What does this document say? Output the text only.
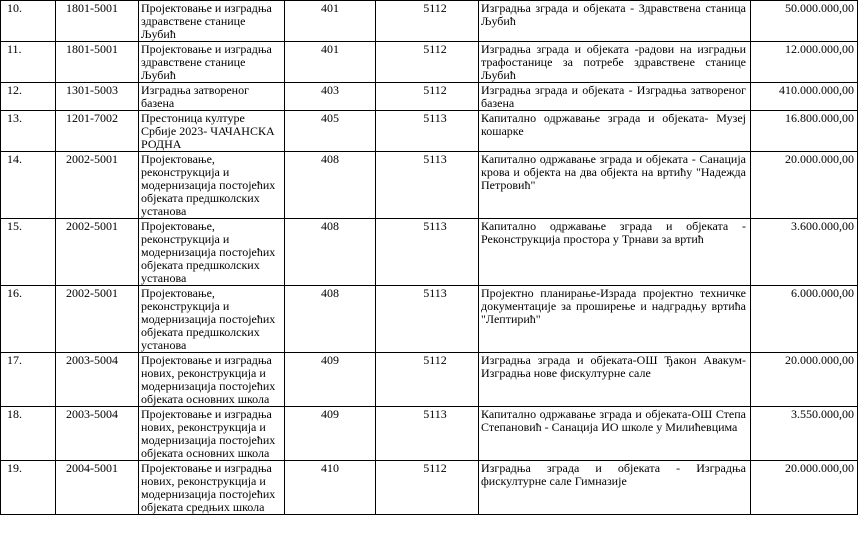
10.	1801-5001	Пројектовање и изградња здравствене станице Љубић	401	5112	Изградња зграда и објеката - Здравствена станица Љубић	50.000.000,00
11.	1801-5001	Пројектовање и изградња здравствене станице Љубић	401	5112	Изградња зграда и објеката -радови на изградњи трафостанице за потребе здравствене станице Љубић	12.000.000,00
12.	1301-5003	Изградња затвореног базена	403	5112	Изградња зграда и објеката - Изградња затвореног базена	410.000.000,00
13.	1201-7002	Престоница културе Србије 2023- ЧАЧАНСКА РОДНА	405	5113	Капитално одржавање зграда и објеката- Музеј кошарке	16.800.000,00
14.	2002-5001	Пројектовање, реконструкција и модернизација постојећих објеката предшколских установа	408	5113	Капитално одржавање зграда и објеката - Санација крова и објекта на два објекта на вртићу "Надежда Петровић"	20.000.000,00
15.	2002-5001	Пројектовање, реконструкција и модернизација постојећих објеката предшколских установа	408	5113	Капитално одржавање зграда и објеката - Реконструкција простора у Трнави за вртић	3.600.000,00
16.	2002-5001	Пројектовање, реконструкција и модернизација постојећих објеката предшколских установа	408	5113	Пројектно планирање-Израда пројектно техничке документације за проширење и надградњу вртића "Лептирић"	6.000.000,00
17.	2003-5004	Пројектовање и изградња нових, реконструкција и модернизација постојећих објеката основних школа	409	5112	Изградња зграда и објеката-ОШ Ђакон Авакум-Изградња нове фискултурне сале	20.000.000,00
18.	2003-5004	Пројектовање и изградња нових, реконструкција и модернизација постојећих објеката основних школа	409	5113	Капитално одржавање зграда и објеката-ОШ Степа Степановић - Санација ИО школе у Милићевцима	3.550.000,00
19.	2004-5001	Пројектовање и изградња нових, реконструкција и модернизација постојећих објеката средњих школа	410	5112	Изградња зграда и објеката - Изградња фискултурне сале Гимназије	20.000.000,00
